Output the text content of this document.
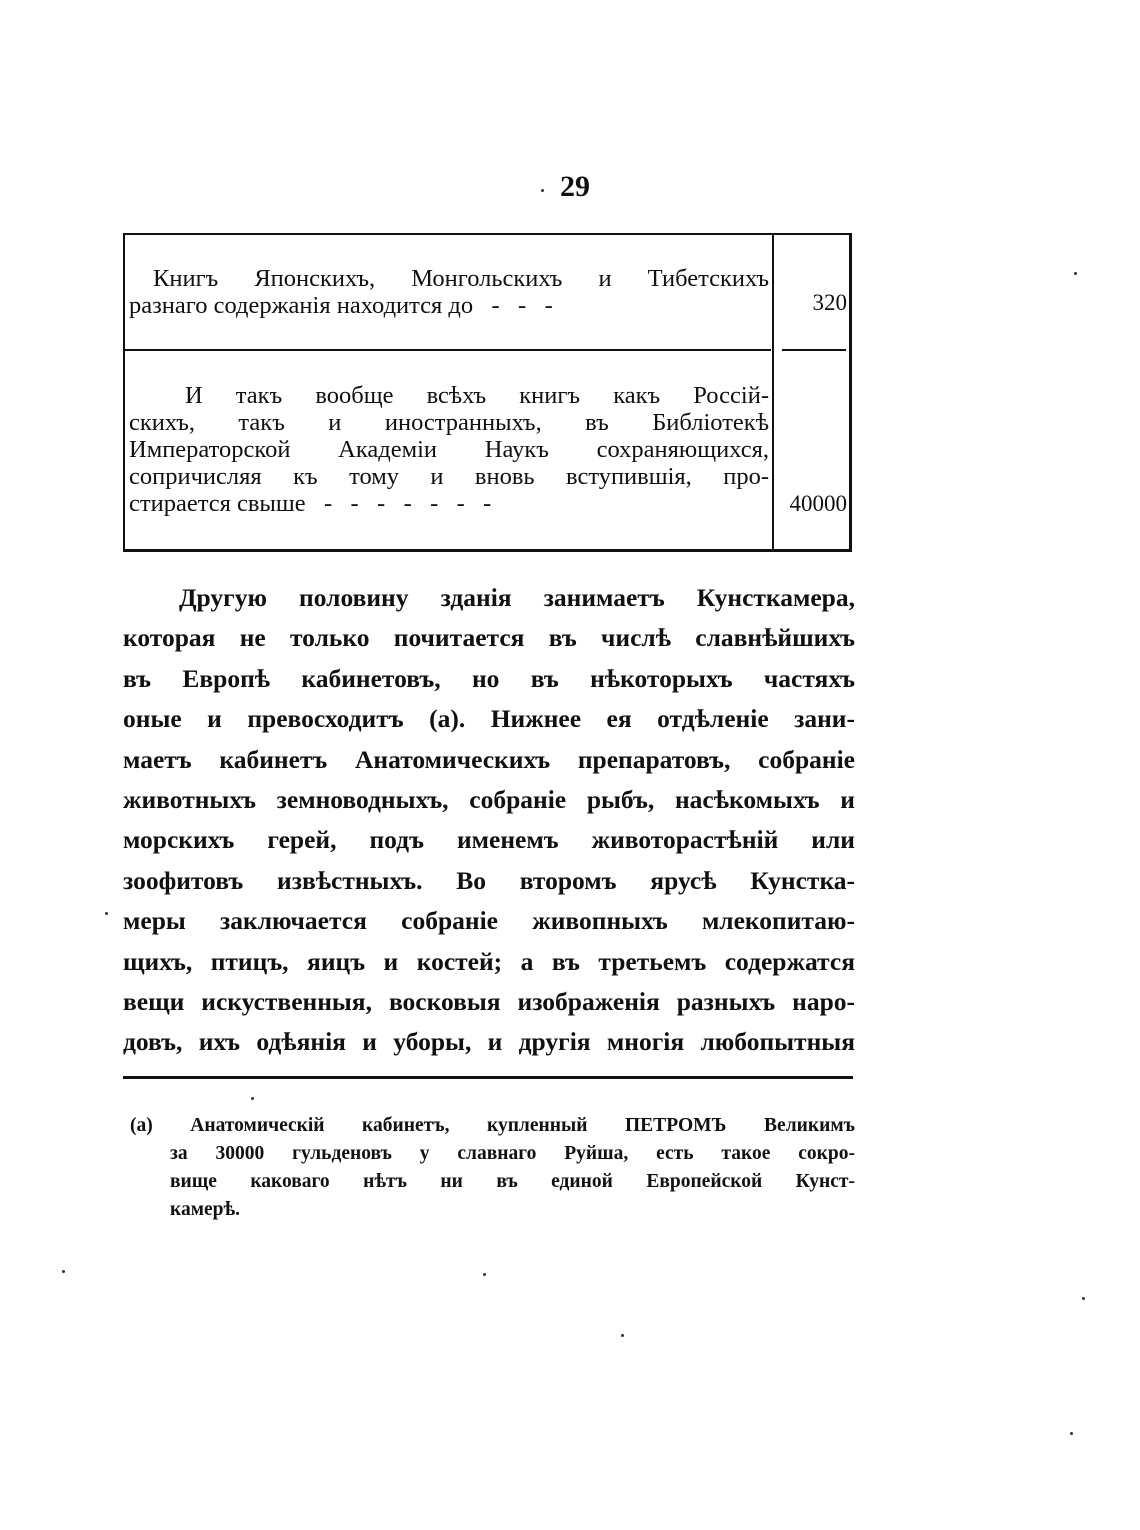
29
Книгъ Японскихъ, Монгольскихъ и Тибетскихъ
разнаго содержанія находится до   -   -   -	320
И такъ вообще всѣхъ книгъ какъ Россій-
скихъ, такъ и иностранныхъ, въ Библіотекѣ
Императорской Академіи Наукъ сохраняющихся,
сопричисляя къ тому и вновь вступившія, про-
стирается свыше   -   -   -   -   -   -   -	40000
Другую половину зданія занимаетъ Кунсткамера,
которая не только почитается въ числѣ славнѣйшихъ
въ Европѣ кабинетовъ, но въ нѣкоторыхъ частяхъ
оные и превосходитъ (а). Нижнее ея отдѣленіе зани-
маетъ кабинетъ Анатомическихъ препаратовъ, собраніе
животныхъ земноводныхъ, собраніе рыбъ, насѣкомыхъ и
морскихъ герей, подъ именемъ животорастѣній или
зоофитовъ извѣстныхъ. Во второмъ ярусѣ Кунстка-
меры заключается собраніе живопныхъ млекопитаю-
щихъ, птицъ, яицъ и костей; а въ третьемъ содержатся
вещи искуственныя, восковыя изображенія разныхъ наро-
довъ, ихъ одѣянія и уборы, и другія многія любопытныя
(а) Анатомическій кабинетъ, купленный ПЕТРОМЪ Великимъ
за 30000 гульденовъ у славнаго Руйша, есть такое сокро-
вище каковаго нѣтъ ни въ единой Европейской Кунст-
камерѣ.
